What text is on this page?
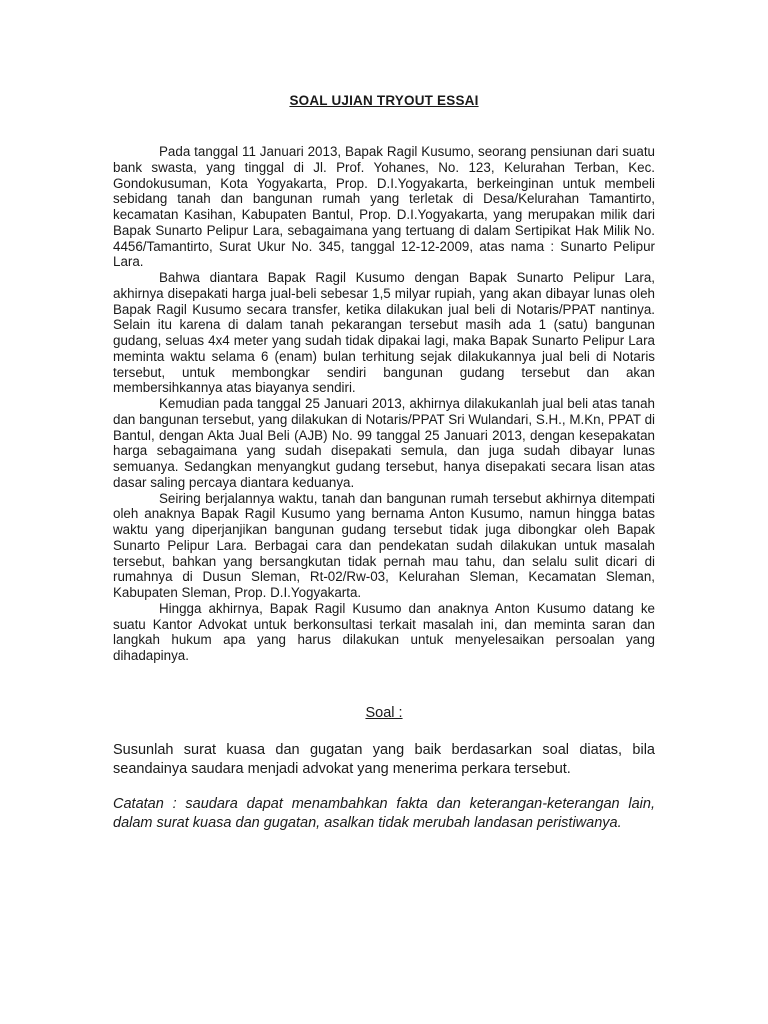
SOAL UJIAN TRYOUT ESSAI

Pada tanggal 11 Januari 2013, Bapak Ragil Kusumo, seorang pensiunan dari suatu bank swasta, yang tinggal di Jl. Prof. Yohanes, No. 123, Kelurahan Terban, Kec. Gondokusuman, Kota Yogyakarta, Prop. D.I.Yogyakarta, berkeinginan untuk membeli sebidang tanah dan bangunan rumah yang terletak di Desa/Kelurahan Tamantirto, kecamatan Kasihan, Kabupaten Bantul, Prop. D.I.Yogyakarta, yang merupakan milik dari Bapak Sunarto Pelipur Lara, sebagaimana yang tertuang di dalam Sertipikat Hak Milik No. 4456/Tamantirto, Surat Ukur No. 345, tanggal 12-12-2009, atas nama : Sunarto Pelipur Lara.

Bahwa diantara Bapak Ragil Kusumo dengan Bapak Sunarto Pelipur Lara, akhirnya disepakati harga jual-beli sebesar 1,5 milyar rupiah, yang akan dibayar lunas oleh Bapak Ragil Kusumo secara transfer, ketika dilakukan jual beli di Notaris/PPAT nantinya. Selain itu karena di dalam tanah pekarangan tersebut masih ada 1 (satu) bangunan gudang, seluas 4x4 meter yang sudah tidak dipakai lagi, maka Bapak Sunarto Pelipur Lara meminta waktu selama 6 (enam) bulan terhitung sejak dilakukannya jual beli di Notaris tersebut, untuk membongkar sendiri bangunan gudang tersebut dan akan membersihkannya atas biayanya sendiri.

Kemudian pada tanggal 25 Januari 2013, akhirnya dilakukanlah jual beli atas tanah dan bangunan tersebut, yang dilakukan di Notaris/PPAT Sri Wulandari, S.H., M.Kn, PPAT di Bantul, dengan Akta Jual Beli (AJB) No. 99 tanggal 25 Januari 2013, dengan kesepakatan harga sebagaimana yang sudah disepakati semula, dan juga sudah dibayar lunas semuanya. Sedangkan menyangkut gudang tersebut, hanya disepakati secara lisan atas dasar saling percaya diantara keduanya.

Seiring berjalannya waktu, tanah dan bangunan rumah tersebut akhirnya ditempati oleh anaknya Bapak Ragil Kusumo yang bernama Anton Kusumo, namun hingga batas waktu yang diperjanjikan bangunan gudang tersebut tidak juga dibongkar oleh Bapak Sunarto Pelipur Lara. Berbagai cara dan pendekatan sudah dilakukan untuk masalah tersebut, bahkan yang bersangkutan tidak pernah mau tahu, dan selalu sulit dicari di rumahnya di Dusun Sleman, Rt-02/Rw-03, Kelurahan Sleman, Kecamatan Sleman, Kabupaten Sleman, Prop. D.I.Yogyakarta.

Hingga akhirnya, Bapak Ragil Kusumo dan anaknya Anton Kusumo datang ke suatu Kantor Advokat untuk berkonsultasi terkait masalah ini, dan meminta saran dan langkah hukum apa yang harus dilakukan untuk menyelesaikan persoalan yang dihadapinya.

Soal :

Susunlah surat kuasa dan gugatan yang baik berdasarkan soal diatas, bila seandainya saudara menjadi advokat yang menerima perkara tersebut.

Catatan : saudara dapat menambahkan fakta dan keterangan-keterangan lain, dalam surat kuasa dan gugatan, asalkan tidak merubah landasan peristiwanya.
